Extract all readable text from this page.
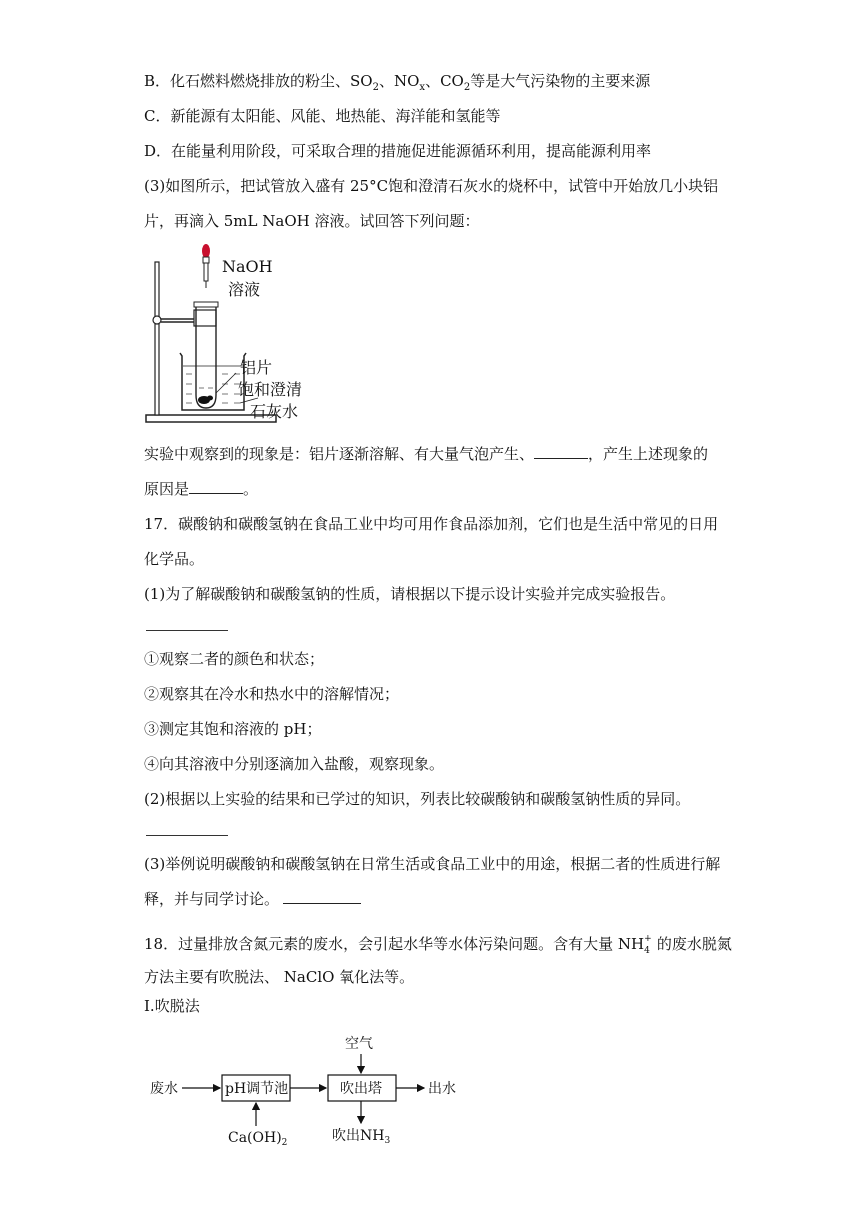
B．化石燃料燃烧排放的粉尘、$SO_2$、$NO_x$、$CO_2$等是大气污染物的主要来源
C．新能源有太阳能、风能、地热能、海洋能和氢能等
D．在能量利用阶段，可采取合理的措施促进能源循环利用，提高能源利用率
(3)如图所示，把试管放入盛有 25°C饱和澄清石灰水的烧杯中，试管中开始放几小块铝
片，再滴入 5mL NaOH 溶液。试回答下列问题：
NaOH
溶液
铝片
饱和澄清
石灰水
实验中观察到的现象是：铝片逐渐溶解、有大量气泡产生、	，产生上述现象的
原因是	。
17．碳酸钠和碳酸氢钠在食品工业中均可用作食品添加剂，它们也是生活中常见的日用
化学品。
(1)为了解碳酸钠和碳酸氢钠的性质，请根据以下提示设计实验并完成实验报告。
①观察二者的颜色和状态；
②观察其在冷水和热水中的溶解情况；
③测定其饱和溶液的 pH；
④向其溶液中分别逐滴加入盐酸，观察现象。
(2)根据以上实验的结果和已学过的知识，列表比较碳酸钠和碳酸氢钠性质的异同。
(3)举例说明碳酸钠和碳酸氢钠在日常生活或食品工业中的用途，根据二者的性质进行解
释，并与同学讨论。
18．过量排放含氮元素的废水，会引起水华等水体污染问题。含有大量 NH +
4 的废水脱氮
方法主要有吹脱法、 NaClO 氧化法等。
I.吹脱法
废水	pH调节池
$Ca(OH)_2$
吹出塔
空气
出水
吹出$NH_3$
